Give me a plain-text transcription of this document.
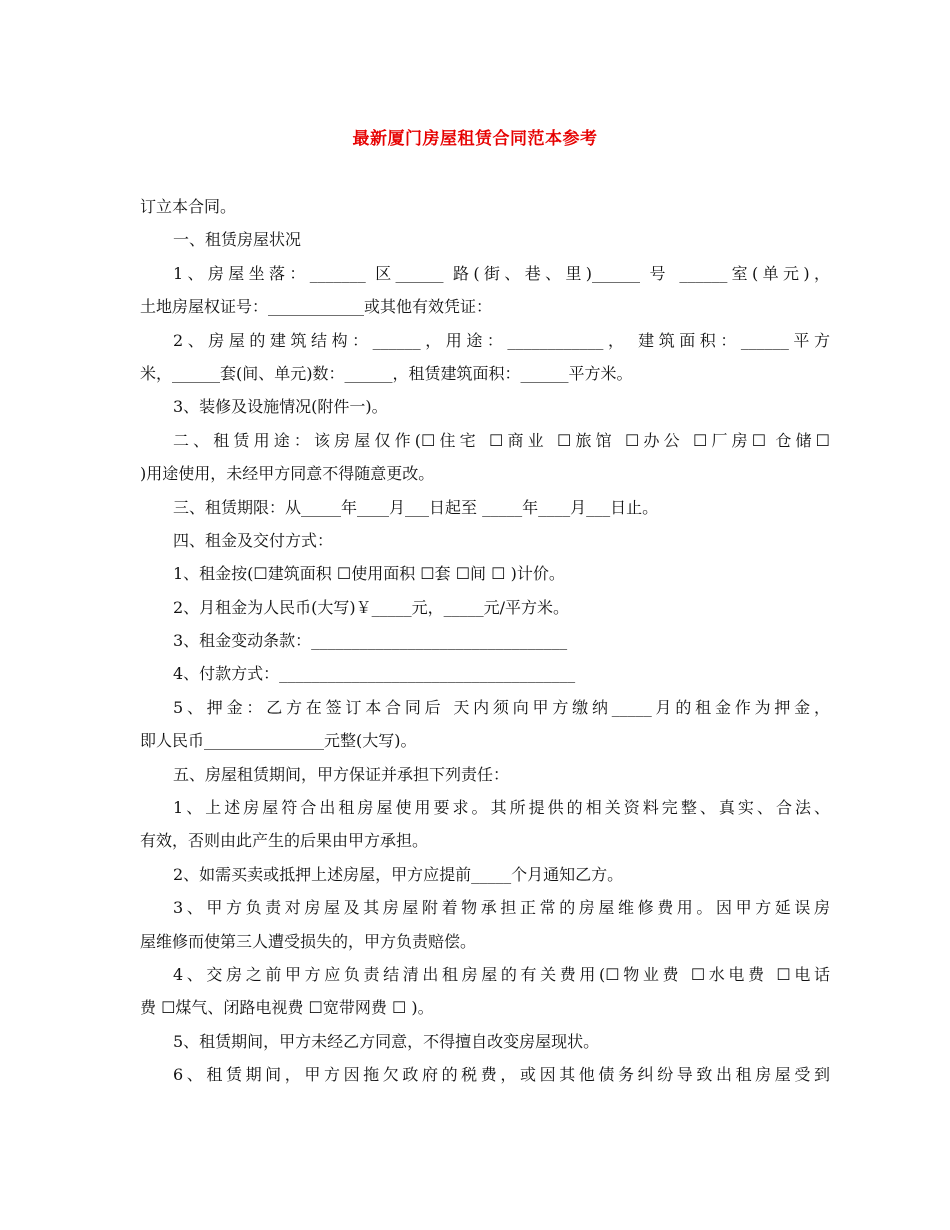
最新厦门房屋租赁合同范本参考
订立本合同。
一、租赁房屋状况
1、房屋坐落：_______ 区______ 路(街、巷、里)______ 号 ______室(单元)，
土地房屋权证号：____________或其他有效凭证：
2、房屋的建筑结构：______，用途：____________， 建筑面积：______平方
米，______套(间、单元)数：______，租赁建筑面积：______平方米。
3、装修及设施情况(附件一)。
二、租赁用途：该房屋仅作(☐住宅 ☐商业 ☐旅馆 ☐办公 ☐厂房☐ 仓储☐
)用途使用，未经甲方同意不得随意更改。
三、租赁期限：从_____年____月___日起至 _____年____月___日止。
四、租金及交付方式：
1、租金按(☐建筑面积 ☐使用面积 ☐套 ☐间 ☐ )计价。
2、月租金为人民币(大写)￥_____元，_____元/平方米。
3、租金变动条款：________________________________
4、付款方式：_____________________________________
5、押金：乙方在签订本合同后 天内须向甲方缴纳_____月的租金作为押金，
即人民币_______________元整(大写)。
五、房屋租赁期间，甲方保证并承担下列责任：
1、上述房屋符合出租房屋使用要求。其所提供的相关资料完整、真实、合法、
有效，否则由此产生的后果由甲方承担。
2、如需买卖或抵押上述房屋，甲方应提前_____个月通知乙方。
3、甲方负责对房屋及其房屋附着物承担正常的房屋维修费用。因甲方延误房
屋维修而使第三人遭受损失的，甲方负责赔偿。
4、交房之前甲方应负责结清出租房屋的有关费用(☐物业费 ☐水电费 ☐电话
费 ☐煤气、闭路电视费 ☐宽带网费 ☐ )。
5、租赁期间，甲方未经乙方同意，不得擅自改变房屋现状。
6、租赁期间，甲方因拖欠政府的税费，或因其他债务纠纷导致出租房屋受到
